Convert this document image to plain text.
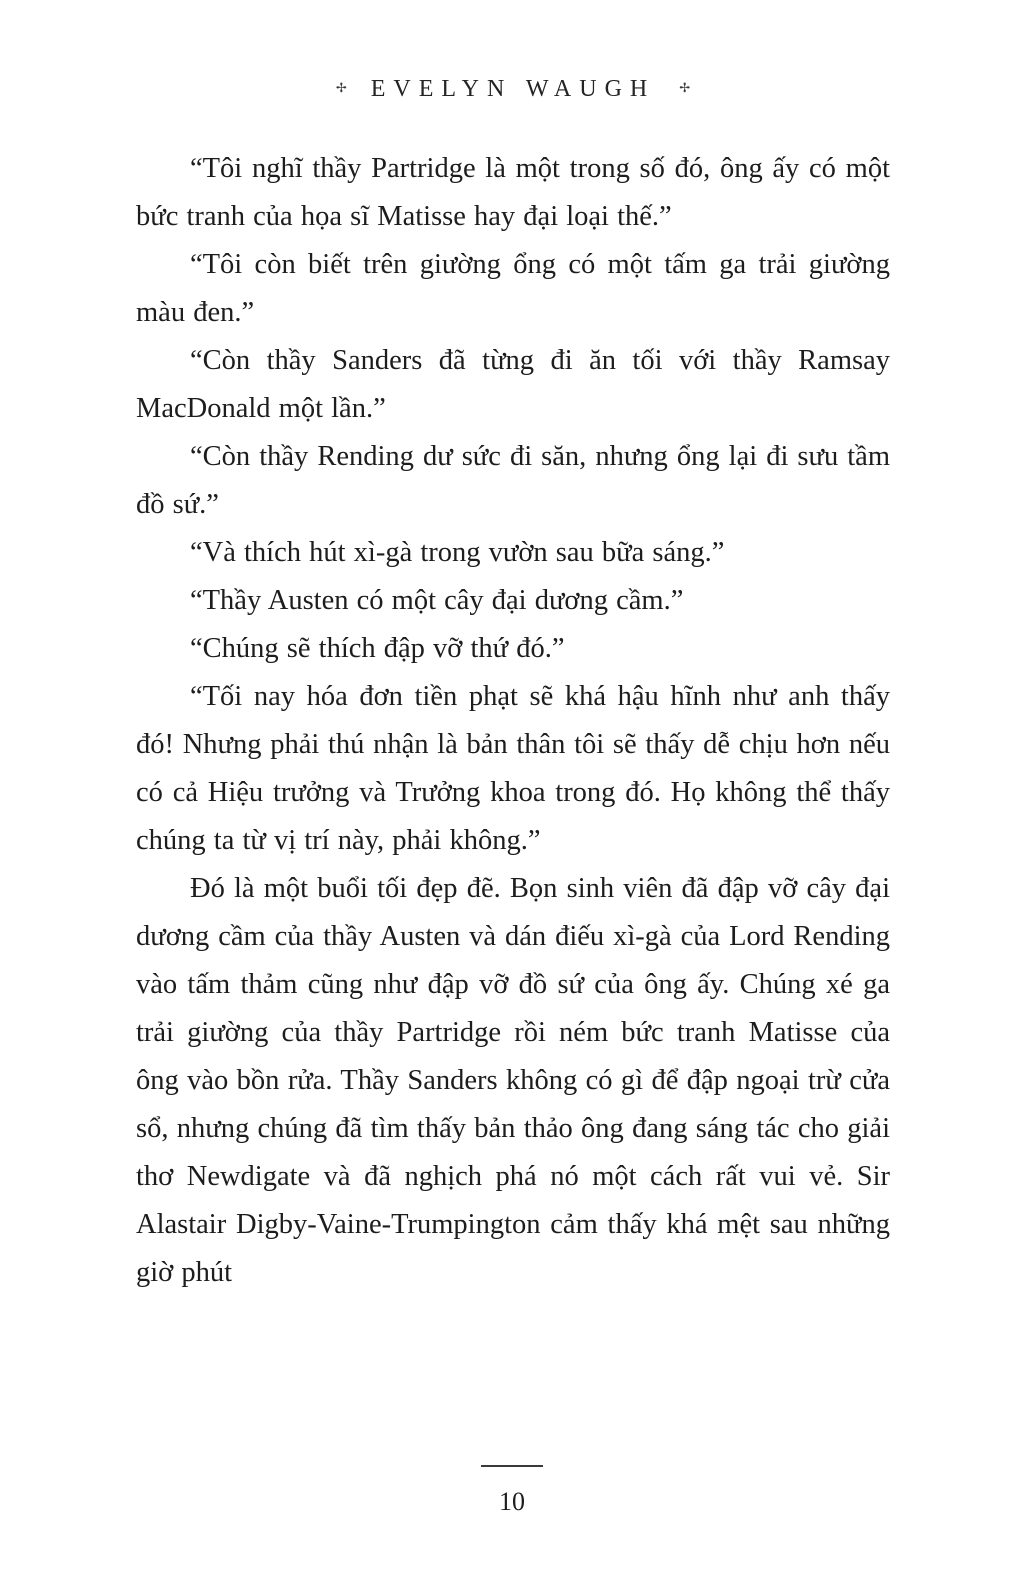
✢ EVELYN WAUGH ✢

“Tôi nghĩ thầy Partridge là một trong số đó, ông ấy có một bức tranh của họa sĩ Matisse hay đại loại thế.”

“Tôi còn biết trên giường ổng có một tấm ga trải giường màu đen.”

“Còn thầy Sanders đã từng đi ăn tối với thầy Ramsay MacDonald một lần.”

“Còn thầy Rending dư sức đi săn, nhưng ổng lại đi sưu tầm đồ sứ.”

“Và thích hút xì-gà trong vườn sau bữa sáng.”

“Thầy Austen có một cây đại dương cầm.”

“Chúng sẽ thích đập vỡ thứ đó.”

“Tối nay hóa đơn tiền phạt sẽ khá hậu hĩnh như anh thấy đó! Nhưng phải thú nhận là bản thân tôi sẽ thấy dễ chịu hơn nếu có cả Hiệu trưởng và Trưởng khoa trong đó. Họ không thể thấy chúng ta từ vị trí này, phải không.”

Đó là một buổi tối đẹp đẽ. Bọn sinh viên đã đập vỡ cây đại dương cầm của thầy Austen và dán điếu xì-gà của Lord Rending vào tấm thảm cũng như đập vỡ đồ sứ của ông ấy. Chúng xé ga trải giường của thầy Partridge rồi ném bức tranh Matisse của ông vào bồn rửa. Thầy Sanders không có gì để đập ngoại trừ cửa sổ, nhưng chúng đã tìm thấy bản thảo ông đang sáng tác cho giải thơ Newdigate và đã nghịch phá nó một cách rất vui vẻ. Sir Alastair Digby-Vaine-Trumpington cảm thấy khá mệt sau những giờ phút

10
